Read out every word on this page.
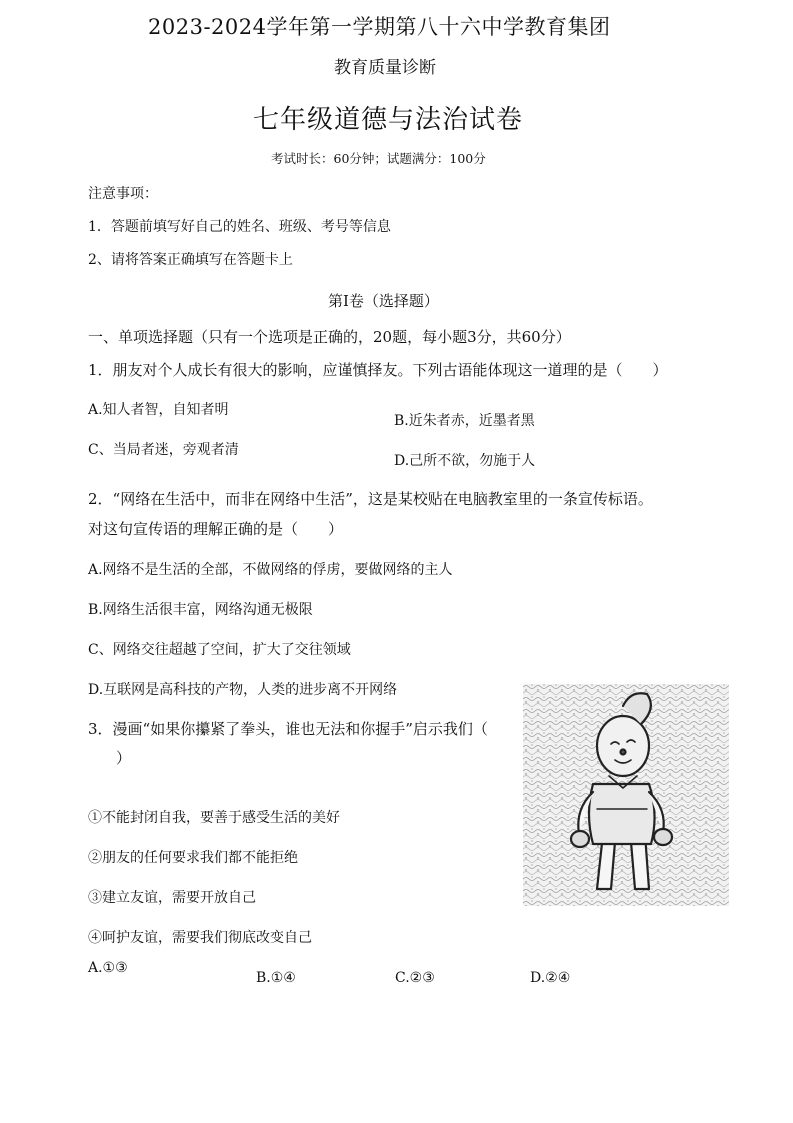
2023-2024学年第一学期第八十六中学教育集团
教育质量诊断
七年级道德与法治试卷
考试时长：60分钟；试题满分：100分
注意事项：
1．答题前填写好自己的姓名、班级、考号等信息
2、请将答案正确填写在答题卡上
第Ⅰ卷（选择题）
一、单项选择题（只有一个选项是正确的，20题，每小题3分，共60分）
1．朋友对个人成长有很大的影响，应谨慎择友。下列古语能体现这一道理的是（　　）
A.知人者智，自知者明
B.近朱者赤，近墨者黑
C、当局者迷，旁观者清
D.己所不欲，勿施于人
2．“网络在生活中，而非在网络中生活”，这是某校贴在电脑教室里的一条宣传标语。
对这句宣传语的理解正确的是（　　）
A.网络不是生活的全部，不做网络的俘虏，要做网络的主人
B.网络生活很丰富，网络沟通无极限
C、网络交往超越了空间，扩大了交往领域
D.互联网是高科技的产物，人类的进步离不开网络
3．漫画“如果你攥紧了拳头，谁也无法和你握手”启示我们（
）
①不能封闭自我，要善于感受生活的美好
②朋友的任何要求我们都不能拒绝
③建立友谊，需要开放自己
④呵护友谊，需要我们彻底改变自己
A.①③
B.①④	C.②③	D.②④
